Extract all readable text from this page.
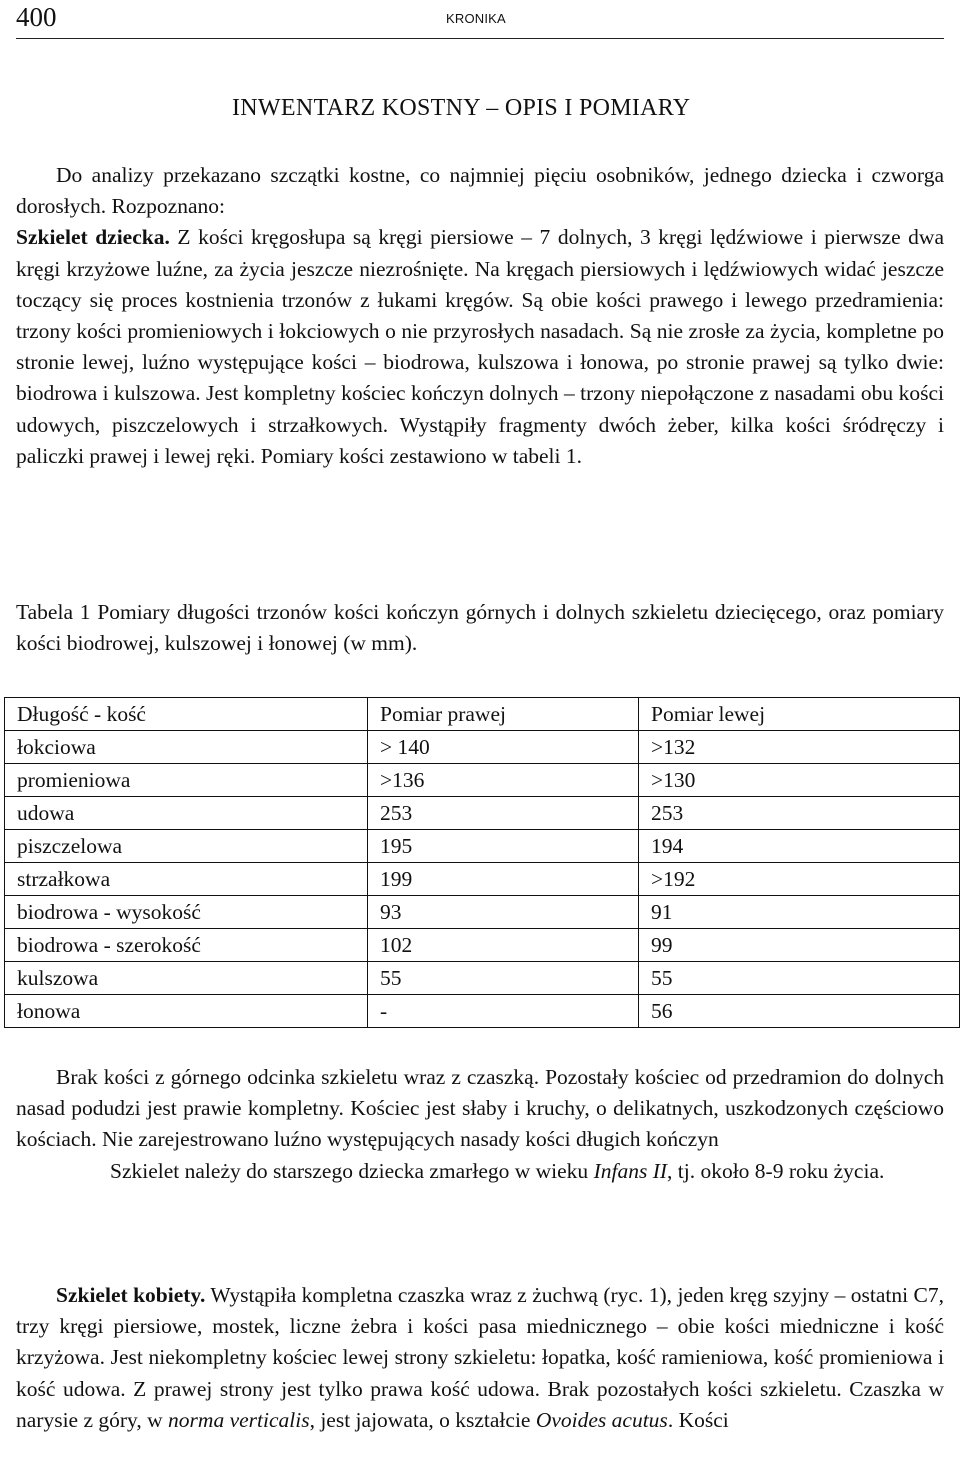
400	KRONIKA
INWENTARZ KOSTNY – OPIS I POMIARY
Do analizy przekazano szczątki kostne, co najmniej pięciu osobników, jednego dziecka i czworga dorosłych. Rozpoznano:
Szkielet dziecka. Z kości kręgosłupa są kręgi piersiowe – 7 dolnych, 3 kręgi lędźwiowe i pierwsze dwa kręgi krzyżowe luźne, za życia jeszcze niezrośnięte. Na kręgach piersiowych i lędźwiowych widać jeszcze toczący się proces kostnienia trzonów z łukami kręgów. Są obie kości prawego i lewego przedramienia: trzony kości promieniowych i łokciowych o nie przyrosłych nasadach. Są nie zrosłe za życia, kompletne po stronie lewej, luźno występujące kości – biodrowa, kulszowa i łonowa, po stronie prawej są tylko dwie: biodrowa i kulszowa. Jest kompletny kościec kończyn dolnych – trzony niepołączone z nasadami obu kości udowych, piszczelowych i strzałkowych. Wystąpiły fragmenty dwóch żeber, kilka kości śródręczy i paliczki prawej i lewej ręki. Pomiary kości zestawiono w tabeli 1.
Tabela 1 Pomiary długości trzonów kości kończyn górnych i dolnych szkieletu dziecięcego, oraz pomiary kości biodrowej, kulszowej i łonowej (w mm).
Długość - kość	Pomiar prawej	Pomiar lewej
łokciowa	> 140	>132
promieniowa	>136	>130
udowa	253	253
piszczelowa	195	194
strzałkowa	199	>192
biodrowa - wysokość	93	91
biodrowa - szerokość	102	99
kulszowa	55	55
łonowa	-	56
Brak kości z górnego odcinka szkieletu wraz z czaszką. Pozostały kościec od przedramion do dolnych nasad podudzi jest prawie kompletny. Kościec jest słaby i kruchy, o delikatnych, uszkodzonych częściowo kościach. Nie zarejestrowano luźno występujących nasady kości długich kończyn
Szkielet należy do starszego dziecka zmarłego w wieku Infans II, tj. około 8-9 roku życia.
Szkielet kobiety. Wystąpiła kompletna czaszka wraz z żuchwą (ryc. 1), jeden kręg szyjny – ostatni C7, trzy kręgi piersiowe, mostek, liczne żebra i kości pasa miednicznego – obie kości miedniczne i kość krzyżowa. Jest niekompletny kościec lewej strony szkieletu: łopatka, kość ramieniowa, kość promieniowa i kość udowa. Z prawej strony jest tylko prawa kość udowa. Brak pozostałych kości szkieletu. Czaszka w narysie z góry, w norma verticalis, jest jajowata, o kształcie Ovoides acutus. Kości
